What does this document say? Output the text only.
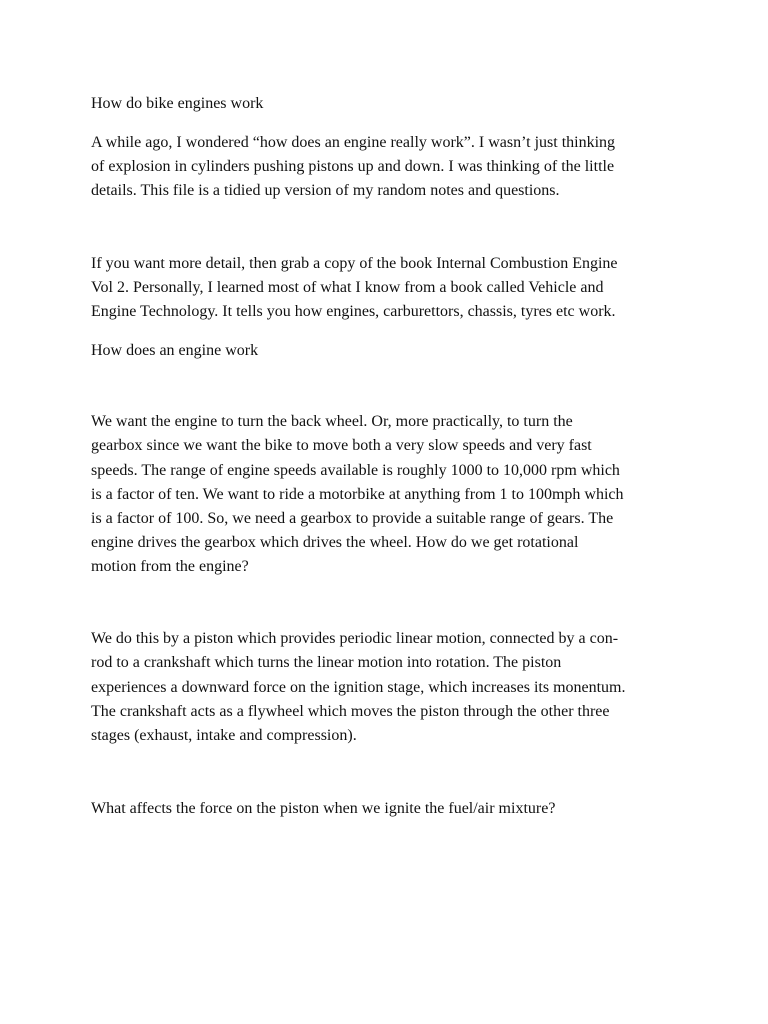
How do bike engines work

A while ago, I wondered “how does an engine really work”. I wasn’t just thinking

of explosion in cylinders pushing pistons up and down. I was thinking of the little

details. This file is a tidied up version of my random notes and questions.

If you want more detail, then grab a copy of the book Internal Combustion Engine

Vol 2. Personally, I learned most of what I know from a book called Vehicle and

Engine Technology. It tells you how engines, carburettors, chassis, tyres etc work.

How does an engine work

We want the engine to turn the back wheel. Or, more practically, to turn the

gearbox since we want the bike to move both a very slow speeds and very fast

speeds. The range of engine speeds available is roughly 1000 to 10,000 rpm which

is a factor of ten. We want to ride a motorbike at anything from 1 to 100mph which

is a factor of 100. So, we need a gearbox to provide a suitable range of gears. The

engine drives the gearbox which drives the wheel. How do we get rotational

motion from the engine?

We do this by a piston which provides periodic linear motion, connected by a con-

rod to a crankshaft which turns the linear motion into rotation. The piston

experiences a downward force on the ignition stage, which increases its monentum.

The crankshaft acts as a flywheel which moves the piston through the other three

stages (exhaust, intake and compression).

What affects the force on the piston when we ignite the fuel/air mixture?
